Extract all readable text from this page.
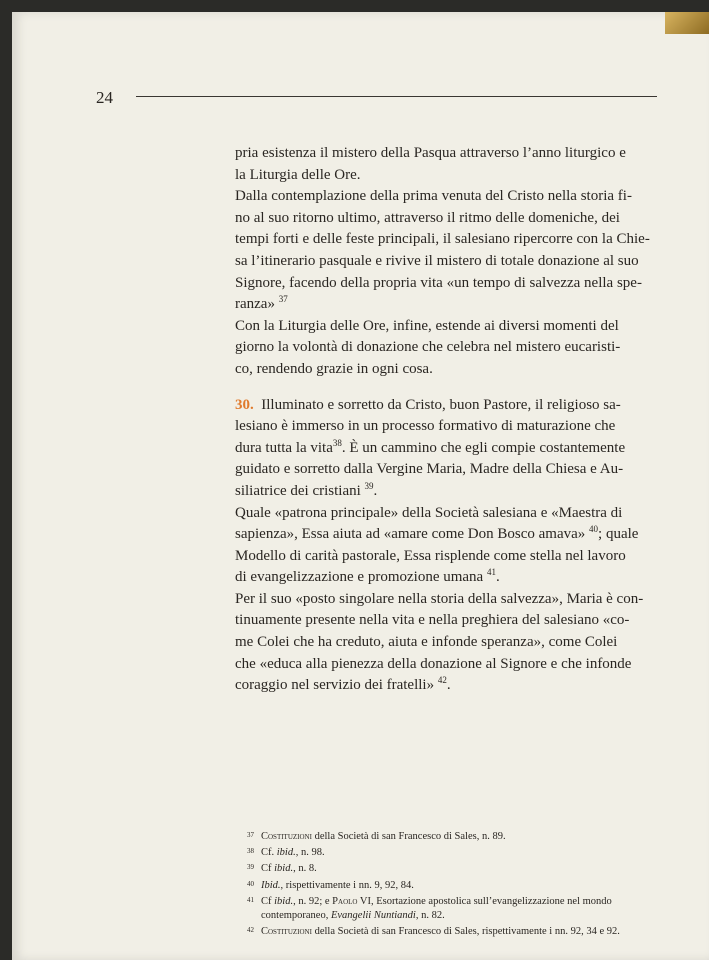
24

pria esistenza il mistero della Pasqua attraverso l’anno liturgico e

la Liturgia delle Ore.

Dalla contemplazione della prima venuta del Cristo nella storia fi-

no al suo ritorno ultimo, attraverso il ritmo delle domeniche, dei

tempi forti e delle feste principali, il salesiano ripercorre con la Chie-

sa l’itinerario pasquale e rivive il mistero di totale donazione al suo

Signore, facendo della propria vita «un tempo di salvezza nella spe-

ranza» $^{37}$

Con la Liturgia delle Ore, infine, estende ai diversi momenti del

giorno la volontà di donazione che celebra nel mistero eucaristi-

co, rendendo grazie in ogni cosa.

30. Illuminato e sorretto da Cristo, buon Pastore, il religioso sa-

lesiano è immerso in un processo formativo di maturazione che

dura tutta la vita$^{38}$. È un cammino che egli compie costantemente

guidato e sorretto dalla Vergine Maria, Madre della Chiesa e Au-

siliatrice dei cristiani $^{39}$.

Quale «patrona principale» della Società salesiana e «Maestra di

sapienza», Essa aiuta ad «amare come Don Bosco amava» $^{40}$; quale

Modello di carità pastorale, Essa risplende come stella nel lavoro

di evangelizzazione e promozione umana $^{41}$.

Per il suo «posto singolare nella storia della salvezza», Maria è con-

tinuamente presente nella vita e nella preghiera del salesiano «co-

me Colei che ha creduto, aiuta e infonde speranza», come Colei

che «educa alla pienezza della donazione al Signore e che infonde

coraggio nel servizio dei fratelli» $^{42}$.

37 Costituzioni della Società di san Francesco di Sales, n. 89.

38 Cf. ibid., n. 98.

39 Cf ibid., n. 8.

40 Ibid., rispettivamente i nn. 9, 92, 84.

41 Cf ibid., n. 92; e Paolo VI, Esortazione apostolica sull’evangelizzazione nel mondo

contemporaneo, Evangelii Nuntiandi, n. 82.

42 Costituzioni della Società di san Francesco di Sales, rispettivamente i nn. 92, 34 e 92.
